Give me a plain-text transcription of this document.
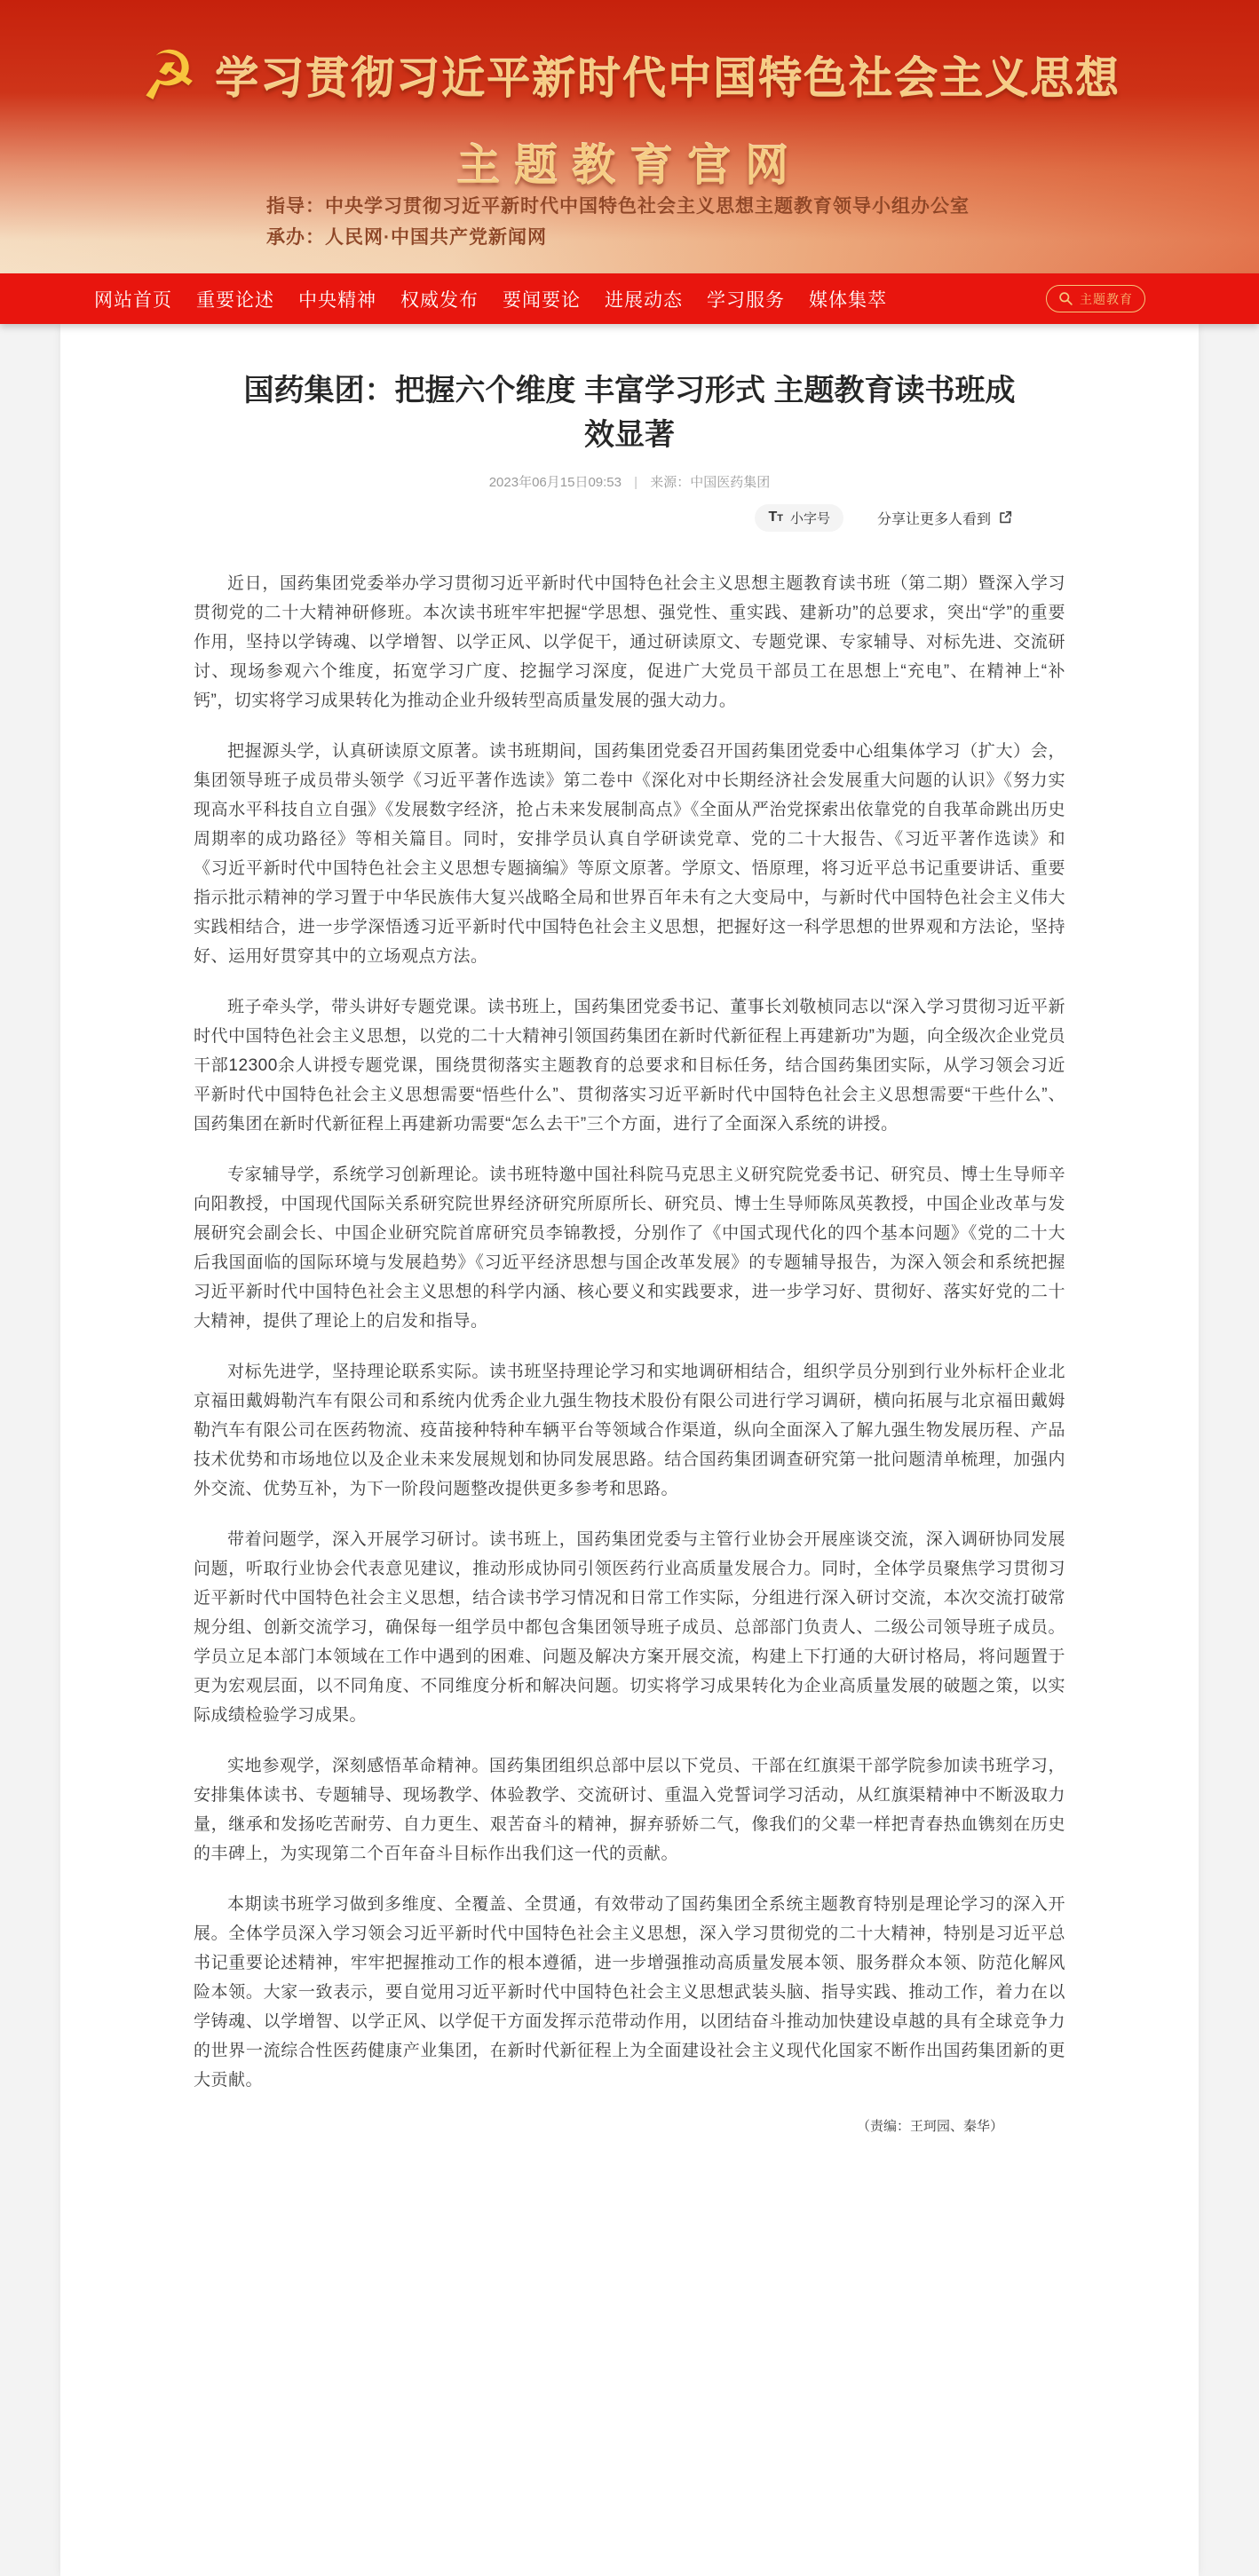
☭ 学习贯彻习近平新时代中国特色社会主义思想
主题教育官网
指导：中央学习贯彻习近平新时代中国特色社会主义思想主题教育领导小组办公室
承办：人民网·中国共产党新闻网
网站首页 重要论述 中央精神 权威发布 要闻要论 进展动态 学习服务 媒体集萃	主题教育
国药集团：把握六个维度 丰富学习形式 主题教育读书班成效显著
2023年06月15日09:53 | 来源：中国医药集团
TT 小字号	分享让更多人看到

近日，国药集团党委举办学习贯彻习近平新时代中国特色社会主义思想主题教育读书班（第二期）暨深入学习贯彻党的二十大精神研修班。本次读书班牢牢把握“学思想、强党性、重实践、建新功”的总要求，突出“学”的重要作用，坚持以学铸魂、以学增智、以学正风、以学促干，通过研读原文、专题党课、专家辅导、对标先进、交流研讨、现场参观六个维度，拓宽学习广度、挖掘学习深度，促进广大党员干部员工在思想上“充电”、在精神上“补钙”，切实将学习成果转化为推动企业升级转型高质量发展的强大动力。

把握源头学，认真研读原文原著。读书班期间，国药集团党委召开国药集团党委中心组集体学习（扩大）会，集团领导班子成员带头领学《习近平著作选读》第二卷中《深化对中长期经济社会发展重大问题的认识》《努力实现高水平科技自立自强》《发展数字经济，抢占未来发展制高点》《全面从严治党探索出依靠党的自我革命跳出历史周期率的成功路径》等相关篇目。同时，安排学员认真自学研读党章、党的二十大报告、《习近平著作选读》和《习近平新时代中国特色社会主义思想专题摘编》等原文原著。学原文、悟原理，将习近平总书记重要讲话、重要指示批示精神的学习置于中华民族伟大复兴战略全局和世界百年未有之大变局中，与新时代中国特色社会主义伟大实践相结合，进一步学深悟透习近平新时代中国特色社会主义思想，把握好这一科学思想的世界观和方法论，坚持好、运用好贯穿其中的立场观点方法。

班子牵头学，带头讲好专题党课。读书班上，国药集团党委书记、董事长刘敬桢同志以“深入学习贯彻习近平新时代中国特色社会主义思想，以党的二十大精神引领国药集团在新时代新征程上再建新功”为题，向全级次企业党员干部12300余人讲授专题党课，围绕贯彻落实主题教育的总要求和目标任务，结合国药集团实际，从学习领会习近平新时代中国特色社会主义思想需要“悟些什么”、贯彻落实习近平新时代中国特色社会主义思想需要“干些什么”、国药集团在新时代新征程上再建新功需要“怎么去干”三个方面，进行了全面深入系统的讲授。

专家辅导学，系统学习创新理论。读书班特邀中国社科院马克思主义研究院党委书记、研究员、博士生导师辛向阳教授，中国现代国际关系研究院世界经济研究所原所长、研究员、博士生导师陈凤英教授，中国企业改革与发展研究会副会长、中国企业研究院首席研究员李锦教授，分别作了《中国式现代化的四个基本问题》《党的二十大后我国面临的国际环境与发展趋势》《习近平经济思想与国企改革发展》的专题辅导报告，为深入领会和系统把握习近平新时代中国特色社会主义思想的科学内涵、核心要义和实践要求，进一步学习好、贯彻好、落实好党的二十大精神，提供了理论上的启发和指导。

对标先进学，坚持理论联系实际。读书班坚持理论学习和实地调研相结合，组织学员分别到行业外标杆企业北京福田戴姆勒汽车有限公司和系统内优秀企业九强生物技术股份有限公司进行学习调研，横向拓展与北京福田戴姆勒汽车有限公司在医药物流、疫苗接种特种车辆平台等领域合作渠道，纵向全面深入了解九强生物发展历程、产品技术优势和市场地位以及企业未来发展规划和协同发展思路。结合国药集团调查研究第一批问题清单梳理，加强内外交流、优势互补，为下一阶段问题整改提供更多参考和思路。

带着问题学，深入开展学习研讨。读书班上，国药集团党委与主管行业协会开展座谈交流，深入调研协同发展问题，听取行业协会代表意见建议，推动形成协同引领医药行业高质量发展合力。同时，全体学员聚焦学习贯彻习近平新时代中国特色社会主义思想，结合读书学习情况和日常工作实际，分组进行深入研讨交流，本次交流打破常规分组、创新交流学习，确保每一组学员中都包含集团领导班子成员、总部部门负责人、二级公司领导班子成员。学员立足本部门本领域在工作中遇到的困难、问题及解决方案开展交流，构建上下打通的大研讨格局，将问题置于更为宏观层面，以不同角度、不同维度分析和解决问题。切实将学习成果转化为企业高质量发展的破题之策，以实际成绩检验学习成果。

实地参观学，深刻感悟革命精神。国药集团组织总部中层以下党员、干部在红旗渠干部学院参加读书班学习，安排集体读书、专题辅导、现场教学、体验教学、交流研讨、重温入党誓词学习活动，从红旗渠精神中不断汲取力量，继承和发扬吃苦耐劳、自力更生、艰苦奋斗的精神，摒弃骄娇二气，像我们的父辈一样把青春热血镌刻在历史的丰碑上，为实现第二个百年奋斗目标作出我们这一代的贡献。

本期读书班学习做到多维度、全覆盖、全贯通，有效带动了国药集团全系统主题教育特别是理论学习的深入开展。全体学员深入学习领会习近平新时代中国特色社会主义思想，深入学习贯彻党的二十大精神，特别是习近平总书记重要论述精神，牢牢把握推动工作的根本遵循，进一步增强推动高质量发展本领、服务群众本领、防范化解风险本领。大家一致表示，要自觉用习近平新时代中国特色社会主义思想武装头脑、指导实践、推动工作，着力在以学铸魂、以学增智、以学正风、以学促干方面发挥示范带动作用，以团结奋斗推动加快建设卓越的具有全球竞争力的世界一流综合性医药健康产业集团，在新时代新征程上为全面建设社会主义现代化国家不断作出国药集团新的更大贡献。

（责编：王珂园、秦华）
